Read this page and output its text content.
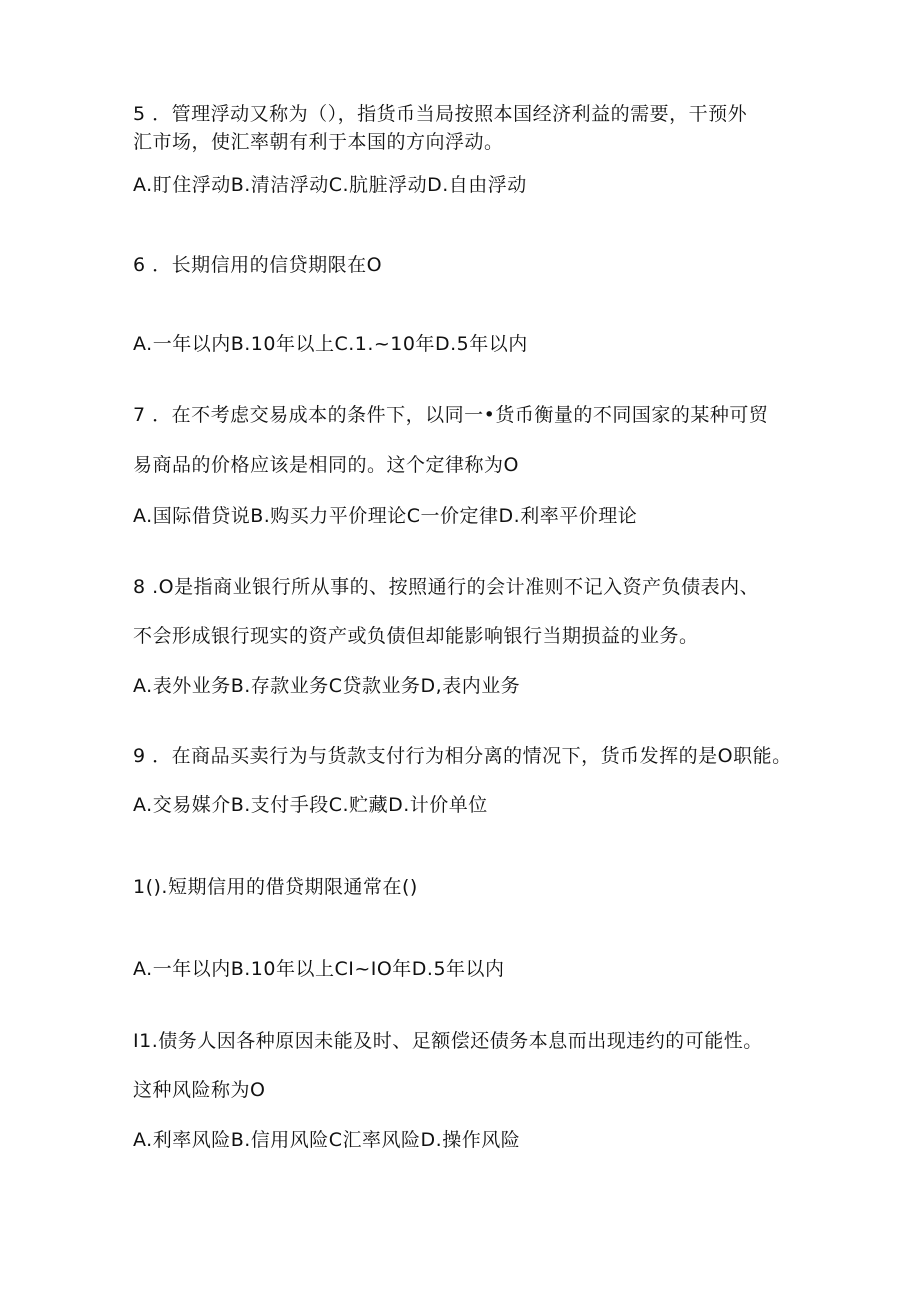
5 ．管理浮动又称为（），指货币当局按照本国经济利益的需要，干预外
汇市场，使汇率朝有利于本国的方向浮动。
A.盯住浮动B.清洁浮动C.肮脏浮动D.自由浮动
6 ．长期信用的信贷期限在O
A.一年以内B.10年以上C.1.~10年D.5年以内
7 ．在不考虑交易成本的条件下，以同一•货币衡量的不同国家的某种可贸
易商品的价格应该是相同的。这个定律称为O
A.国际借贷说B.购买力平价理论C一价定律D.利率平价理论
8 .O是指商业银行所从事的、按照通行的会计准则不记入资产负债表内、
不会形成银行现实的资产或负债但却能影响银行当期损益的业务。
A.表外业务B.存款业务C贷款业务D,表内业务
9 ．在商品买卖行为与货款支付行为相分离的情况下，货币发挥的是O职能。
A.交易媒介B.支付手段C.贮藏D.计价单位
1().短期信用的借贷期限通常在()
A.一年以内B.10年以上CI~IO年D.5年以内
I1.债务人因各种原因未能及时、足额偿还债务本息而出现违约的可能性。
这种风险称为O
A.利率风险B.信用风险C汇率风险D.操作风险
